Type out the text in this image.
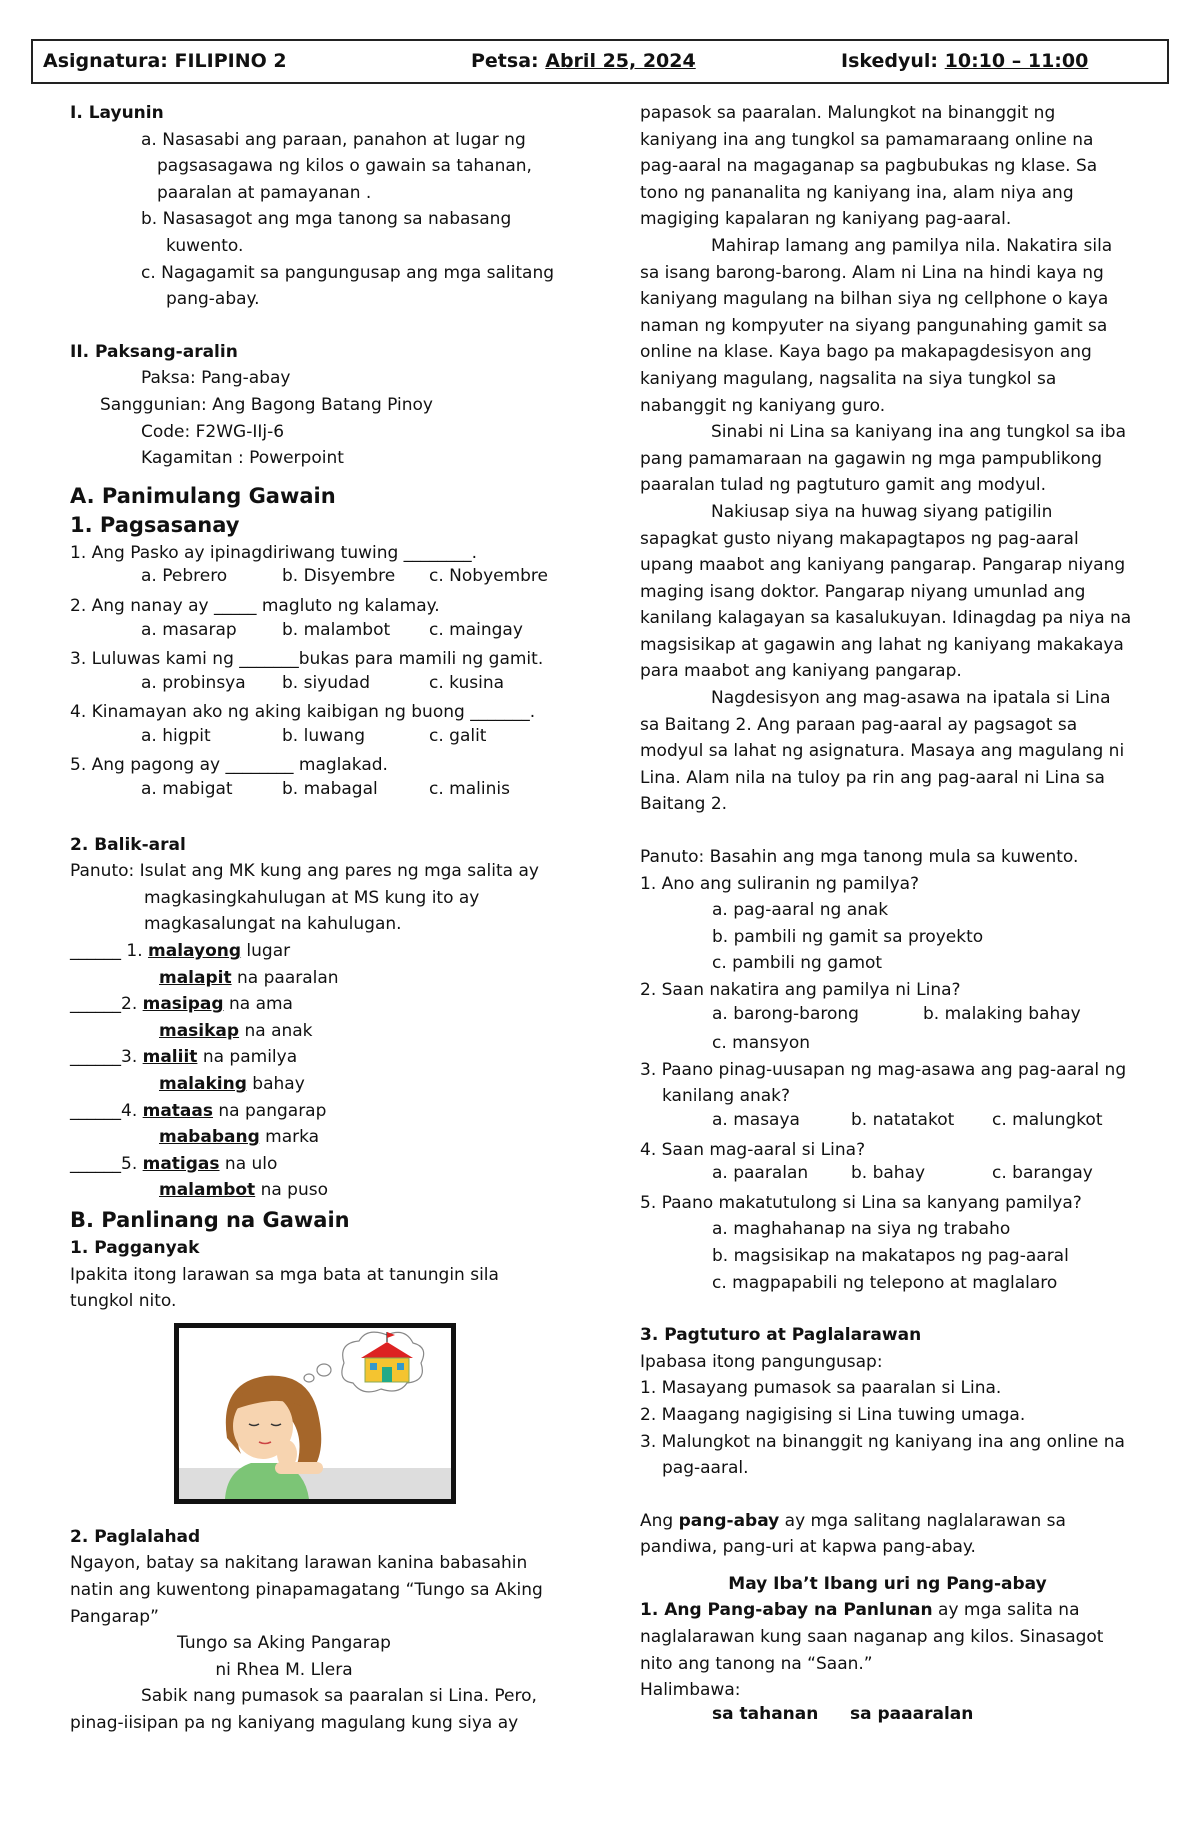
Asignatura: FILIPINO 2	Petsa: Abril 25, 2024	Iskedyul: 10:10 – 11:00
I. Layunin
a. Nasasabi ang paraan, panahon at lugar ng
pagsasagawa ng kilos o gawain sa tahanan,
paaralan at pamayanan .
b. Nasasagot ang mga tanong sa nabasang
kuwento.
c. Nagagamit sa pangungusap ang mga salitang
pang-abay.
II. Paksang-aralin
Paksa: Pang-abay
Sanggunian: Ang Bagong Batang Pinoy
Code: F2WG-IIj-6
Kagamitan : Powerpoint
A. Panimulang Gawain
1. Pagsasanay
1. Ang Pasko ay ipinagdiriwang tuwing ________.
a. Pebrero	b. Disyembre c. Nobyembre
2. Ang nanay ay _____ magluto ng kalamay.
a. masarap	b. malambot c. maingay
3. Luluwas kami ng _______bukas para mamili ng gamit.
a. probinsya b. siyudad	c. kusina
4. Kinamayan ako ng aking kaibigan ng buong _______.
a. higpit	b. luwang	c. galit
5. Ang pagong ay ________ maglakad.
a. mabigat	b. mabagal	c. malinis
2. Balik-aral
Panuto: Isulat ang MK kung ang pares ng mga salita ay
magkasingkahulugan at MS kung ito ay
magkasalungat na kahulugan.
______ 1. malayong lugar
malapit na paaralan
______2. masipag na ama
masikap na anak
______3. maliit na pamilya
malaking bahay
______4. mataas na pangarap
mababang marka
______5. matigas na ulo
malambot na puso
B. Panlinang na Gawain
1. Pagganyak
Ipakita itong larawan sa mga bata at tanungin sila
tungkol nito.
2. Paglalahad
Ngayon, batay sa nakitang larawan kanina babasahin
natin ang kuwentong pinapamagatang “Tungo sa Aking
Pangarap”
Tungo sa Aking Pangarap
ni Rhea M. Llera
Sabik nang pumasok sa paaralan si Lina. Pero,
pinag-iisipan pa ng kaniyang magulang kung siya ay
papasok sa paaralan. Malungkot na binanggit ng
kaniyang ina ang tungkol sa pamamaraang online na
pag-aaral na magaganap sa pagbubukas ng klase. Sa
tono ng pananalita ng kaniyang ina, alam niya ang
magiging kapalaran ng kaniyang pag-aaral.
Mahirap lamang ang pamilya nila. Nakatira sila
sa isang barong-barong. Alam ni Lina na hindi kaya ng
kaniyang magulang na bilhan siya ng cellphone o kaya
naman ng kompyuter na siyang pangunahing gamit sa
online na klase. Kaya bago pa makapagdesisyon ang
kaniyang magulang, nagsalita na siya tungkol sa
nabanggit ng kaniyang guro.
Sinabi ni Lina sa kaniyang ina ang tungkol sa iba
pang pamamaraan na gagawin ng mga pampublikong
paaralan tulad ng pagtuturo gamit ang modyul.
Nakiusap siya na huwag siyang patigilin
sapagkat gusto niyang makapagtapos ng pag-aaral
upang maabot ang kaniyang pangarap. Pangarap niyang
maging isang doktor. Pangarap niyang umunlad ang
kanilang kalagayan sa kasalukuyan. Idinagdag pa niya na
magsisikap at gagawin ang lahat ng kaniyang makakaya
para maabot ang kaniyang pangarap.
Nagdesisyon ang mag-asawa na ipatala si Lina
sa Baitang 2. Ang paraan pag-aaral ay pagsagot sa
modyul sa lahat ng asignatura. Masaya ang magulang ni
Lina. Alam nila na tuloy pa rin ang pag-aaral ni Lina sa
Baitang 2.
Panuto: Basahin ang mga tanong mula sa kuwento.
1. Ano ang suliranin ng pamilya?
a. pag-aaral ng anak
b. pambili ng gamit sa proyekto
c. pambili ng gamot
2. Saan nakatira ang pamilya ni Lina?
a. barong-barong	b. malaking bahay
c. mansyon
3. Paano pinag-uusapan ng mag-asawa ang pag-aaral ng
kanilang anak?
a. masaya	b. natatakot c. malungkot
4. Saan mag-aaral si Lina?
a. paaralan	b. bahay	c. barangay
5. Paano makatutulong si Lina sa kanyang pamilya?
a. maghahanap na siya ng trabaho
b. magsisikap na makatapos ng pag-aaral
c. magpapabili ng telepono at maglalaro
3. Pagtuturo at Paglalarawan
Ipabasa itong pangungusap:
1. Masayang pumasok sa paaralan si Lina.
2. Maagang nagigising si Lina tuwing umaga.
3. Malungkot na binanggit ng kaniyang ina ang online na
pag-aaral.
Ang pang-abay ay mga salitang naglalarawan sa
pandiwa, pang-uri at kapwa pang-abay.
May Iba’t Ibang uri ng Pang-abay
1. Ang Pang-abay na Panlunan ay mga salita na
naglalarawan kung saan naganap ang kilos. Sinasagot
nito ang tanong na “Saan.”
Halimbawa:
sa tahanan sa paaaralan
